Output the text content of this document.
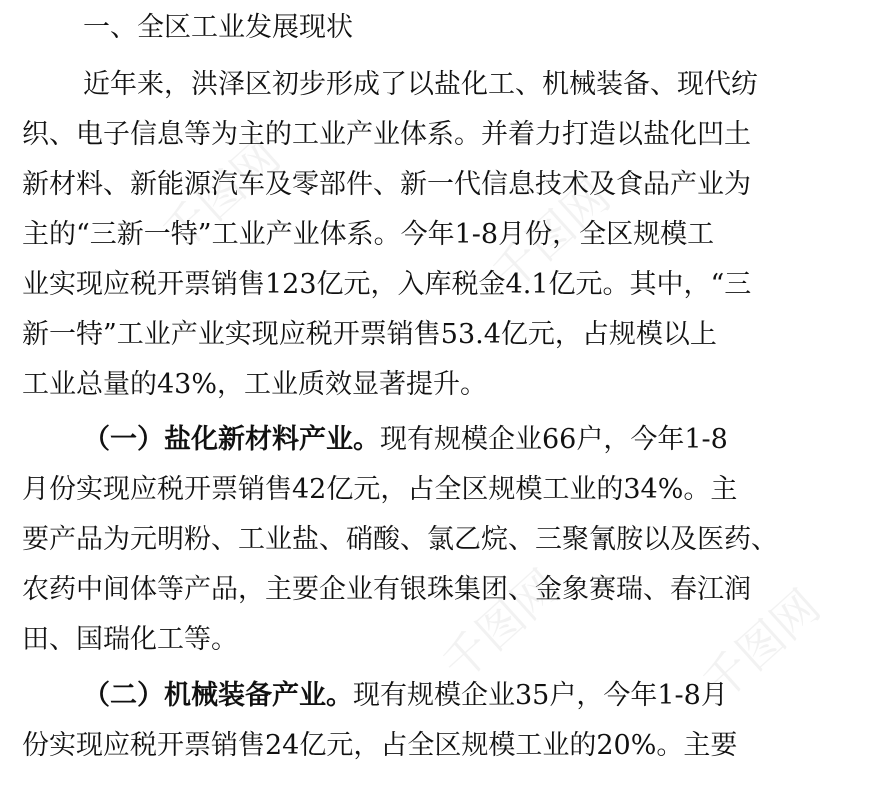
千图网	千图网
千图网	千图网
一、全区工业发展现状
近年来，洪泽区初步形成了以盐化工、机械装备、现代纺
织、电子信息等为主的工业产业体系。并着力打造以盐化凹土
新材料、新能源汽车及零部件、新一代信息技术及食品产业为
主的“三新一特”工业产业体系。今年1-8月份，全区规模工
业实现应税开票销售123亿元，入库税金4.1亿元。其中，“三
新一特”工业产业实现应税开票销售53.4亿元，占规模以上
工业总量的43%，工业质效显著提升。
（一）盐化新材料产业。现有规模企业66户，今年1-8
月份实现应税开票销售42亿元，占全区规模工业的34%。主
要产品为元明粉、工业盐、硝酸、氯乙烷、三聚氰胺以及医药、
农药中间体等产品，主要企业有银珠集团、金象赛瑞、春江润
田、国瑞化工等。
（二）机械装备产业。现有规模企业35户，今年1-8月
份实现应税开票销售24亿元，占全区规模工业的20%。主要
